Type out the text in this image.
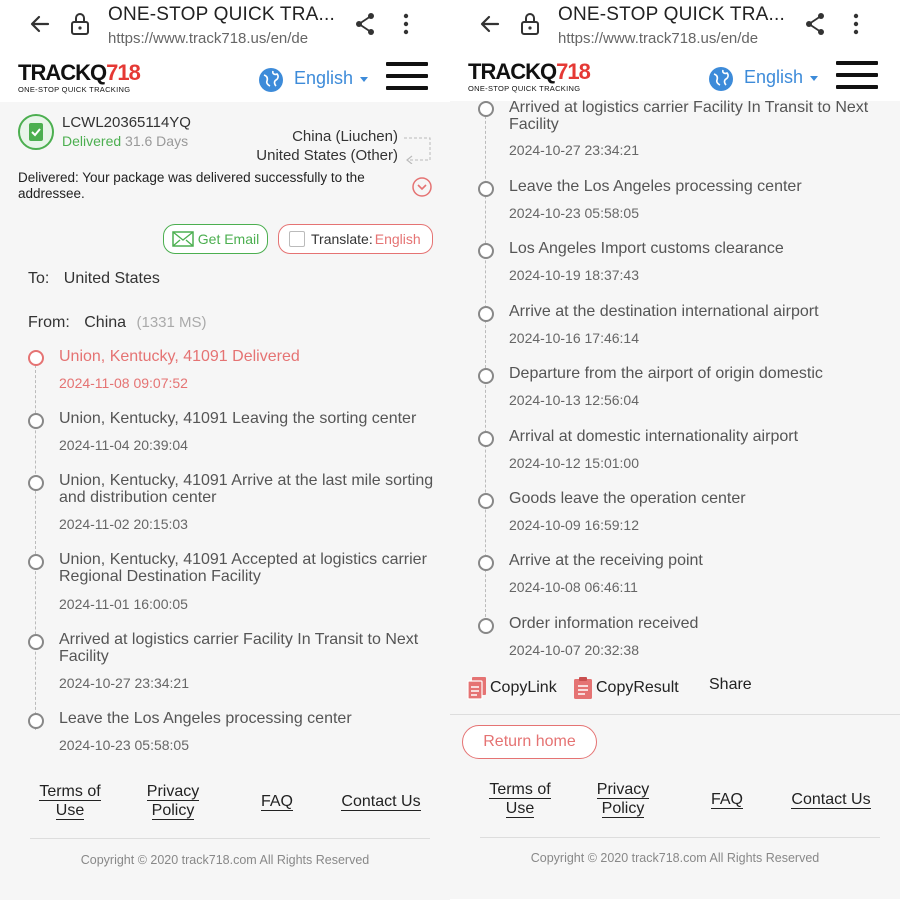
ONE-STOP QUICK TRA...
https://www.track718.us/en/de
TRACKQ718
ONE-STOP QUICK TRACKING
English
LCWL20365114YQ
Delivered 31.6 Days	China (Liuchen)
United States (Other)
Delivered: Your package was delivered successfully to the addressee.
Get Email	Translate: English
To: United States
From: China (1331 MS)
Union, Kentucky, 41091 Delivered
2024-11-08 09:07:52
Union, Kentucky, 41091 Leaving the sorting center
2024-11-04 20:39:04
Union, Kentucky, 41091 Arrive at the last mile sorting and distribution center
2024-11-02 20:15:03
Union, Kentucky, 41091 Accepted at logistics carrier Regional Destination Facility
2024-11-01 16:00:05
Arrived at logistics carrier Facility In Transit to Next Facility
2024-10-27 23:34:21
Leave the Los Angeles processing center
2024-10-23 05:58:05
Terms of
Use
Privacy
Policy
FAQ	Contact Us
Copyright © 2020 track718.com All Rights Reserved
ONE-STOP QUICK TRA...
https://www.track718.us/en/de
TRACKQ718
ONE-STOP QUICK TRACKING
English
Arrived at logistics carrier Facility In Transit to Next Facility
2024-10-27 23:34:21
Leave the Los Angeles processing center
2024-10-23 05:58:05
Los Angeles Import customs clearance
2024-10-19 18:37:43
Arrive at the destination international airport
2024-10-16 17:46:14
Departure from the airport of origin domestic
2024-10-13 12:56:04
Arrival at domestic internationality airport
2024-10-12 15:01:00
Goods leave the operation center
2024-10-09 16:59:12
Arrive at the receiving point
2024-10-08 06:46:11
Order information received
2024-10-07 20:32:38
CopyLink CopyResult Share
Return home
Terms of
Use
Privacy
Policy
FAQ	Contact Us
Copyright © 2020 track718.com All Rights Reserved
